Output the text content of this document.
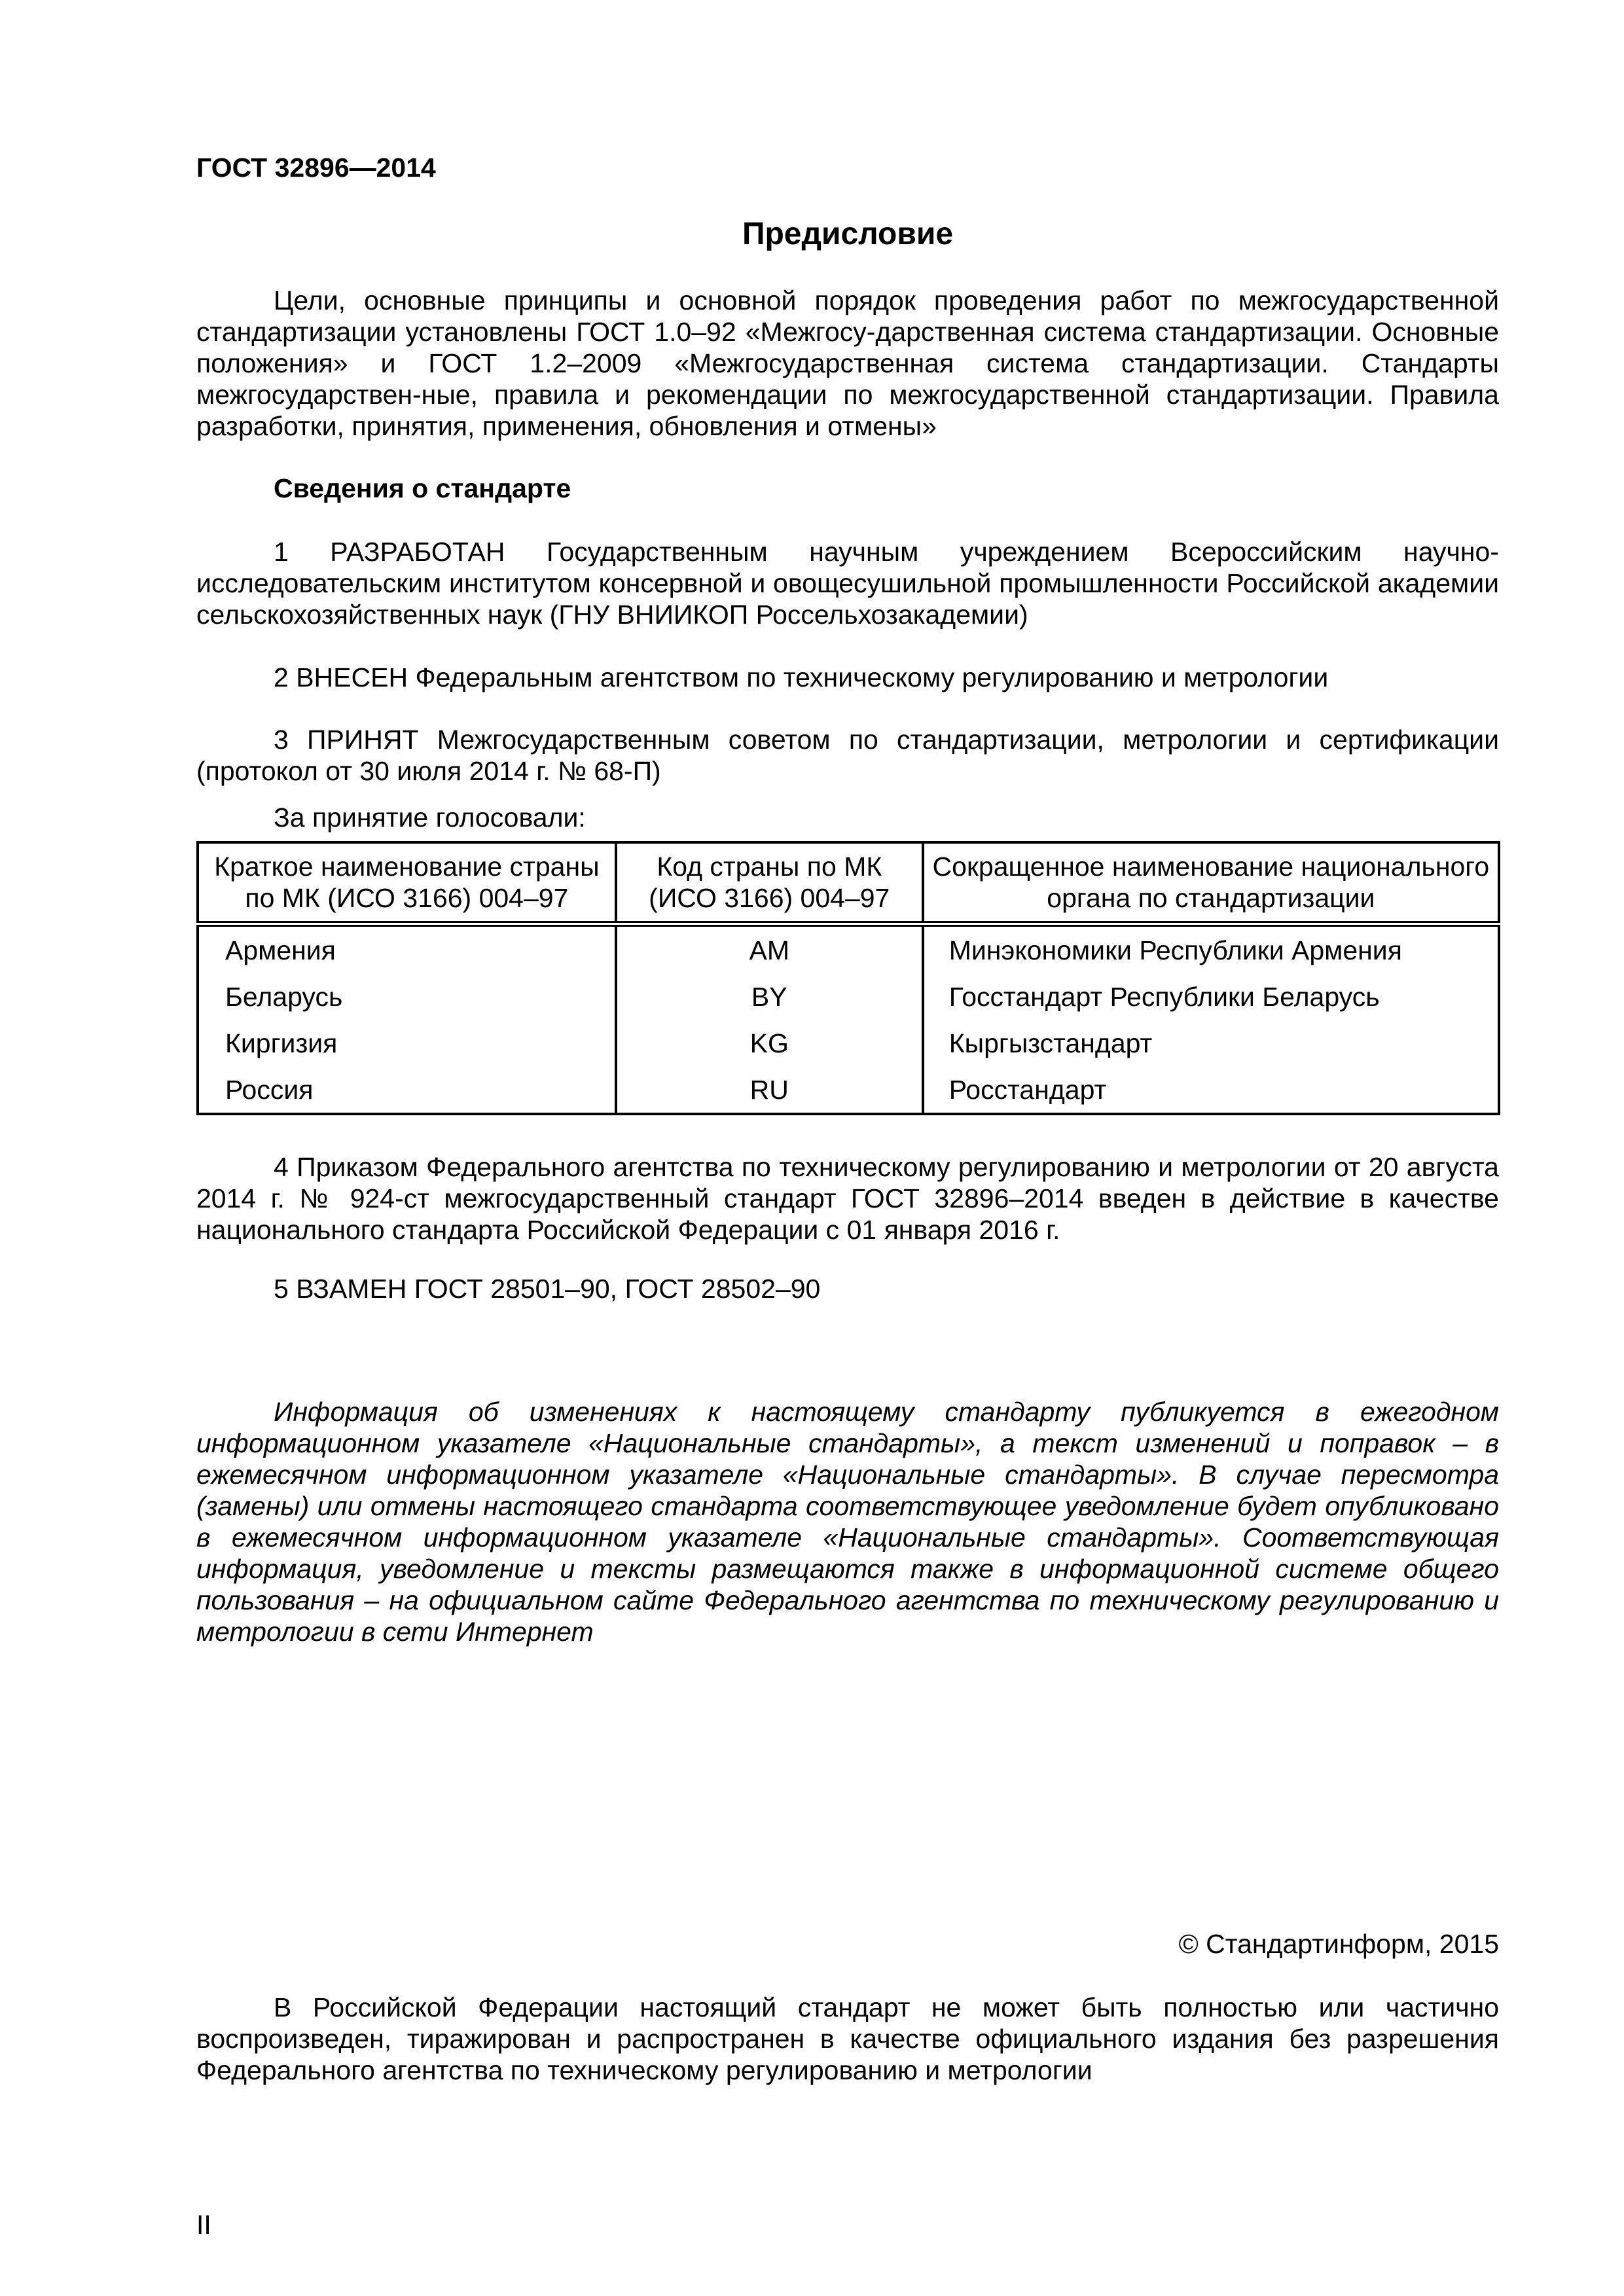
ГОСТ 32896—2014
Предисловие
Цели, основные принципы и основной порядок проведения работ по межгосударственной стандартизации установлены ГОСТ 1.0–92 «Межгосу-дарственная система стандартизации. Основные положения» и ГОСТ 1.2–2009 «Межгосударственная система стандартизации. Стандарты межгосударствен-ные, правила и рекомендации по межгосударственной стандартизации. Правила разработки, принятия, применения, обновления и отмены»
Сведения о стандарте
1 РАЗРАБОТАН Государственным научным учреждением Всероссийским научно-исследовательским институтом консервной и овощесушильной промышленности Российской академии сельскохозяйственных наук (ГНУ ВНИИКОП Россельхозакадемии)
2 ВНЕСЕН Федеральным агентством по техническому регулированию и метрологии
3 ПРИНЯТ Межгосударственным советом по стандартизации, метрологии и сертификации (протокол от 30 июля 2014 г. № 68-П)
За принятие голосовали:
Краткое наименование страны по МК (ИСО 3166) 004–97	Код страны по МК (ИСО 3166) 004–97	Сокращенное наименование национального органа по стандартизации
Армения	AM	Минэкономики Республики Армения
Беларусь	BY	Госстандарт Республики Беларусь
Киргизия	KG	Кыргызстандарт
Россия	RU	Росстандарт
4 Приказом Федерального агентства по техническому регулированию и метрологии от 20 августа 2014 г. № 924-ст межгосударственный стандарт ГОСТ 32896–2014 введен в действие в качестве национального стандарта Российской Федерации с 01 января 2016 г.
5 ВЗАМЕН ГОСТ 28501–90, ГОСТ 28502–90
Информация об изменениях к настоящему стандарту публикуется в ежегодном информационном указателе «Национальные стандарты», а текст изменений и поправок – в ежемесячном информационном указателе «Национальные стандарты». В случае пересмотра (замены) или отмены настоящего стандарта соответствующее уведомление будет опубликовано в ежемесячном информационном указателе «Национальные стандарты». Соответствующая информация, уведомление и тексты размещаются также в информационной системе общего пользования – на официальном сайте Федерального агентства по техническому регулированию и метрологии в сети Интернет
© Стандартинформ, 2015
В Российской Федерации настоящий стандарт не может быть полностью или частично воспроизведен, тиражирован и распространен в качестве официального издания без разрешения Федерального агентства по техническому регулированию и метрологии
II
